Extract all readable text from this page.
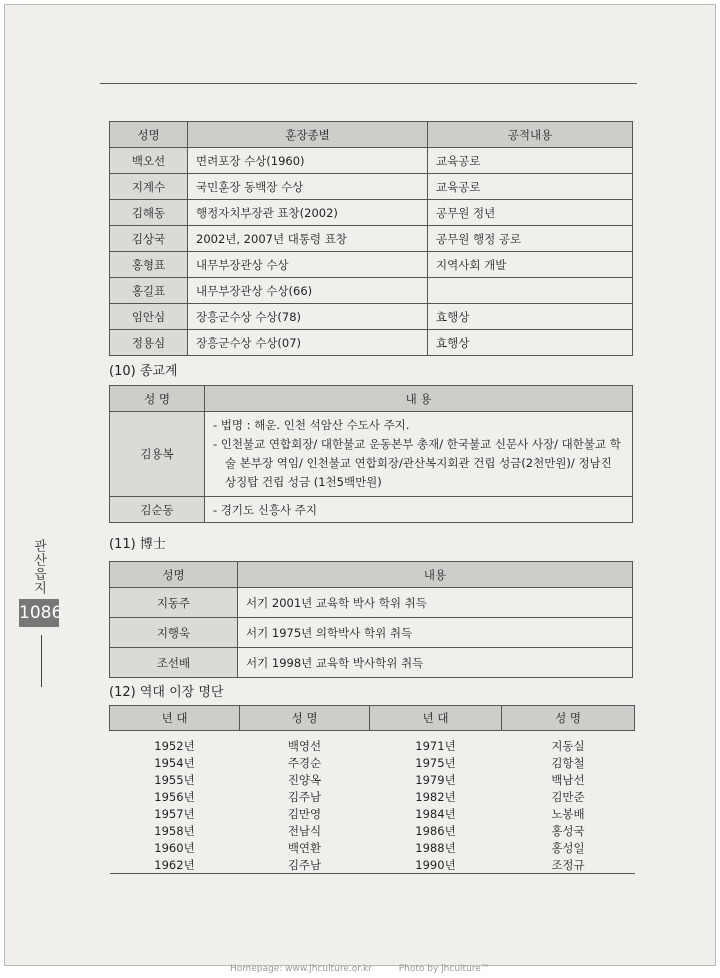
성명	훈장종별	공적내용
백오선	면려포장 수상(1960)	교육공로
지계수	국민훈장 동백장 수상	교육공로
김해동	행정자치부장관 표창(2002)	공무원 정년
김상국	2002년, 2007년 대통령 표창	공무원 행정 공로
홍형표	내무부장관상 수상	지역사회 개발
홍길표	내무부장관상 수상(66)	
임안심	장흥군수상 수상(78)	효행상
정용심	장흥군수상 수상(07)	효행상
(10) 종교계
성 명	내 용
김용복	- 법명 : 해운. 인천 석암산 수도사 주지.
- 인천불교 연합회장/ 대한불교 운동본부 총재/ 한국불교 신문사 사장/ 대한불교 학술 본부장 역임/ 인천불교 연합회장/관산복지회관 건립 성금(2천만원)/ 정남진 상징탑 건립 성금 (1천5백만원)

김순동	- 경기도 신흥사 주지
(11) 博士
성명	내용
지동주	서기 2001년 교육학 박사 학위 취득
지행욱	서기 1975년 의학박사 학위 취득
조선배	서기 1998년 교육학 박사학위 취득
(12) 역대 이장 명단
년 대	성 명	년 대	성 명
1952년	백영선	1971년	지동실
1954년	주경순	1975년	김항철
1955년	진양옥	1979년	백남선
1956년	김주남	1982년	김만준
1957년	김만영	1984년	노봉배
1958년	전남식	1986년	홍성국
1960년	백연환	1988년	홍성일
1962년	김주남	1990년	조정규
관산읍지
1086
Homepage: www.jhculture.or.kr	Photo by jhculture™
